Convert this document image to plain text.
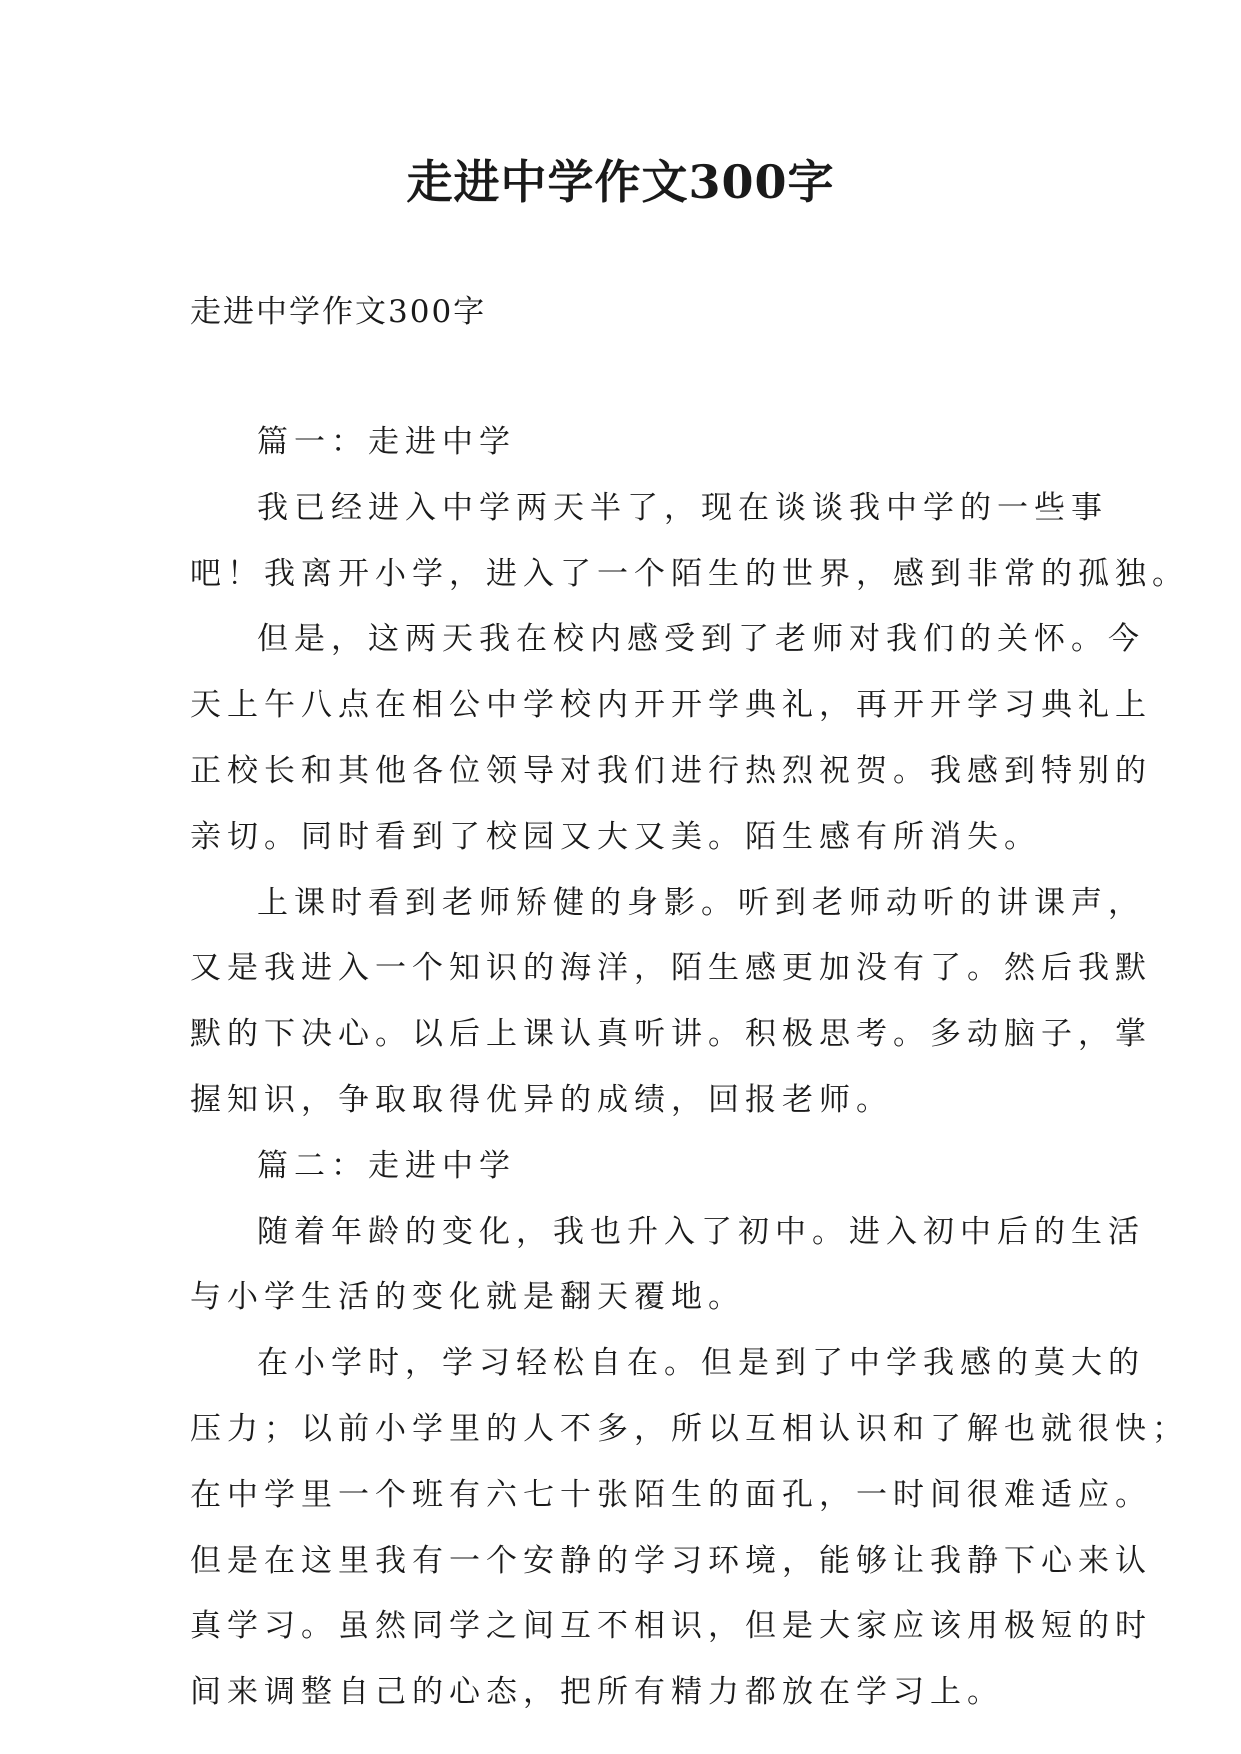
走进中学作文300字
走进中学作文300字
篇一：走进中学
我已经进入中学两天半了，现在谈谈我中学的一些事
吧！我离开小学，进入了一个陌生的世界，感到非常的孤独。
但是，这两天我在校内感受到了老师对我们的关怀。今
天上午八点在相公中学校内开开学典礼，再开开学习典礼上
正校长和其他各位领导对我们进行热烈祝贺。我感到特别的
亲切。同时看到了校园又大又美。陌生感有所消失。
上课时看到老师矫健的身影。听到老师动听的讲课声，
又是我进入一个知识的海洋，陌生感更加没有了。然后我默
默的下决心。以后上课认真听讲。积极思考。多动脑子，掌
握知识，争取取得优异的成绩，回报老师。
篇二：走进中学
随着年龄的变化，我也升入了初中。进入初中后的生活
与小学生活的变化就是翻天覆地。
在小学时，学习轻松自在。但是到了中学我感的莫大的
压力；以前小学里的人不多，所以互相认识和了解也就很快；
在中学里一个班有六七十张陌生的面孔，一时间很难适应。
但是在这里我有一个安静的学习环境，能够让我静下心来认
真学习。虽然同学之间互不相识，但是大家应该用极短的时
间来调整自己的心态，把所有精力都放在学习上。
